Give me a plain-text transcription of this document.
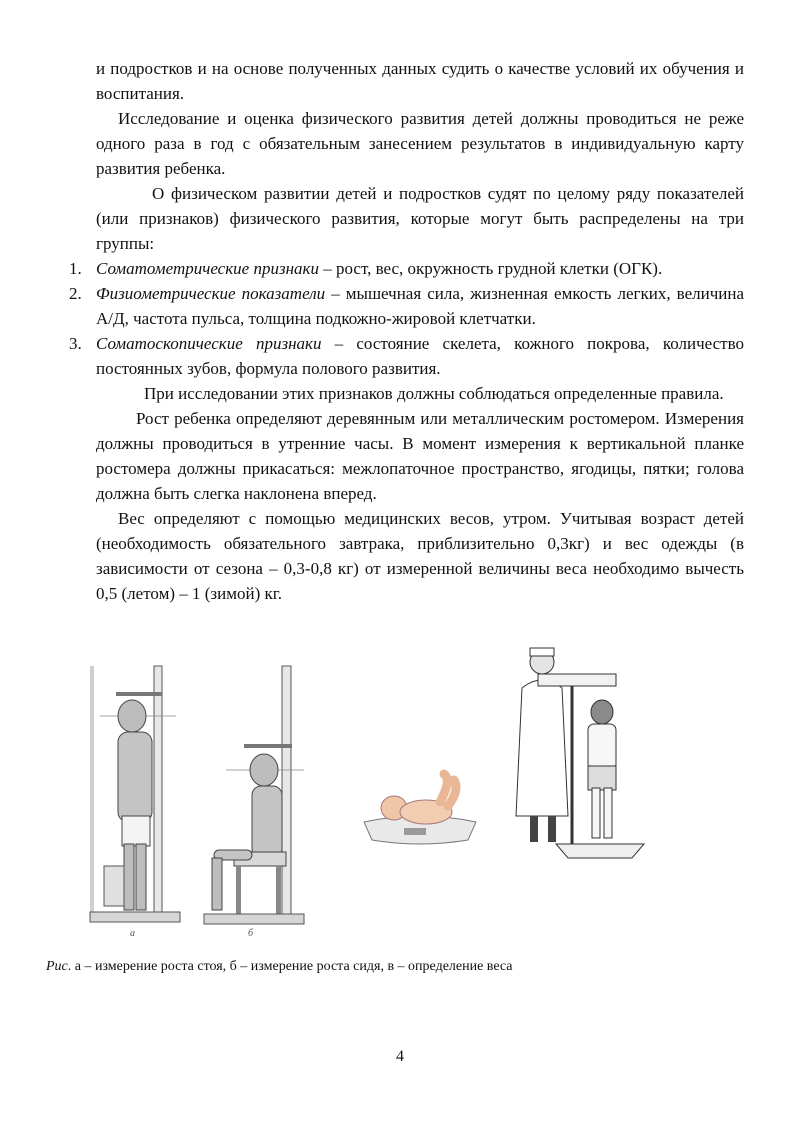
и подростков и на основе полученных данных судить о качестве условий их обучения и воспитания.

Исследование и оценка физического развития детей должны проводиться не реже одного раза в год с обязательным занесением результатов в индивидуальную карту развития ребенка.

О физическом развитии детей и подростков судят по целому ряду показателей (или признаков) физического развития, которые могут быть распределены на три группы:

1. Соматометрические признаки – рост, вес, окружность грудной клетки (ОГК).
2. Физиометрические показатели – мышечная сила, жизненная емкость легких, величина А/Д, частота пульса, толщина подкожно-жировой клетчатки.
3. Соматоскопические признаки – состояние скелета, кожного покрова, количество постоянных зубов, формула полового развития.

При исследовании этих признаков должны соблюдаться определенные правила.

Рост ребенка определяют деревянным или металлическим ростомером. Измерения должны проводиться в утренние часы. В момент измерения к вертикальной планке ростомера должны прикасаться: межлопаточное пространство, ягодицы, пятки; голова должна быть слегка наклонена вперед.

Вес определяют с помощью медицинских весов, утром. Учитывая возраст детей (необходимость обязательного завтрака, приблизительно 0,3кг) и вес одежды (в зависимости от сезона – 0,3-0,8 кг) от измеренной величины веса необходимо вычесть 0,5 (летом) – 1 (зимой) кг.

а	б
Рис. а – измерение роста стоя, б – измерение роста сидя, в – определение веса
4
